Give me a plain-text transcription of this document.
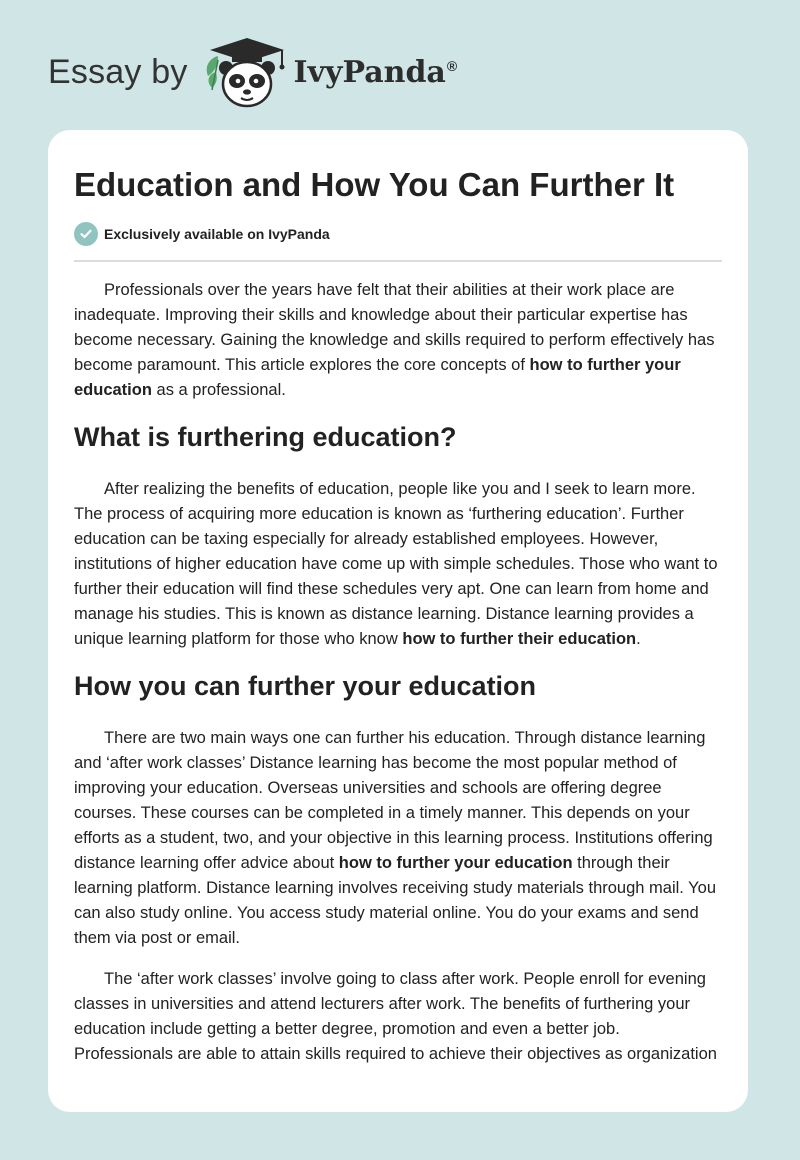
Essay by	IvyPanda®
Education and How You Can Further It
Exclusively available on IvyPanda

Professionals over the years have felt that their abilities at their work place are inadequate. Improving their skills and knowledge about their particular expertise has become necessary. Gaining the knowledge and skills required to perform effectively has become paramount. This article explores the core concepts of how to further your education as a professional.

What is furthering education?

After realizing the benefits of education, people like you and I seek to learn more. The process of acquiring more education is known as ‘furthering education’. Further education can be taxing especially for already established employees. However, institutions of higher education have come up with simple schedules. Those who want to further their education will find these schedules very apt. One can learn from home and manage his studies. This is known as distance learning. Distance learning provides a unique learning platform for those who know how to further their education.

How you can further your education

There are two main ways one can further his education. Through distance learning and ‘after work classes’ Distance learning has become the most popular method of improving your education. Overseas universities and schools are offering degree courses. These courses can be completed in a timely manner. This depends on your efforts as a student, two, and your objective in this learning process. Institutions offering distance learning offer advice about how to further your education through their learning platform. Distance learning involves receiving study materials through mail. You can also study online. You access study material online. You do your exams and send them via post or email.

The ‘after work classes’ involve going to class after work. People enroll for evening classes in universities and attend lecturers after work. The benefits of furthering your education include getting a better degree, promotion and even a better job. Professionals are able to attain skills required to achieve their objectives as organization
